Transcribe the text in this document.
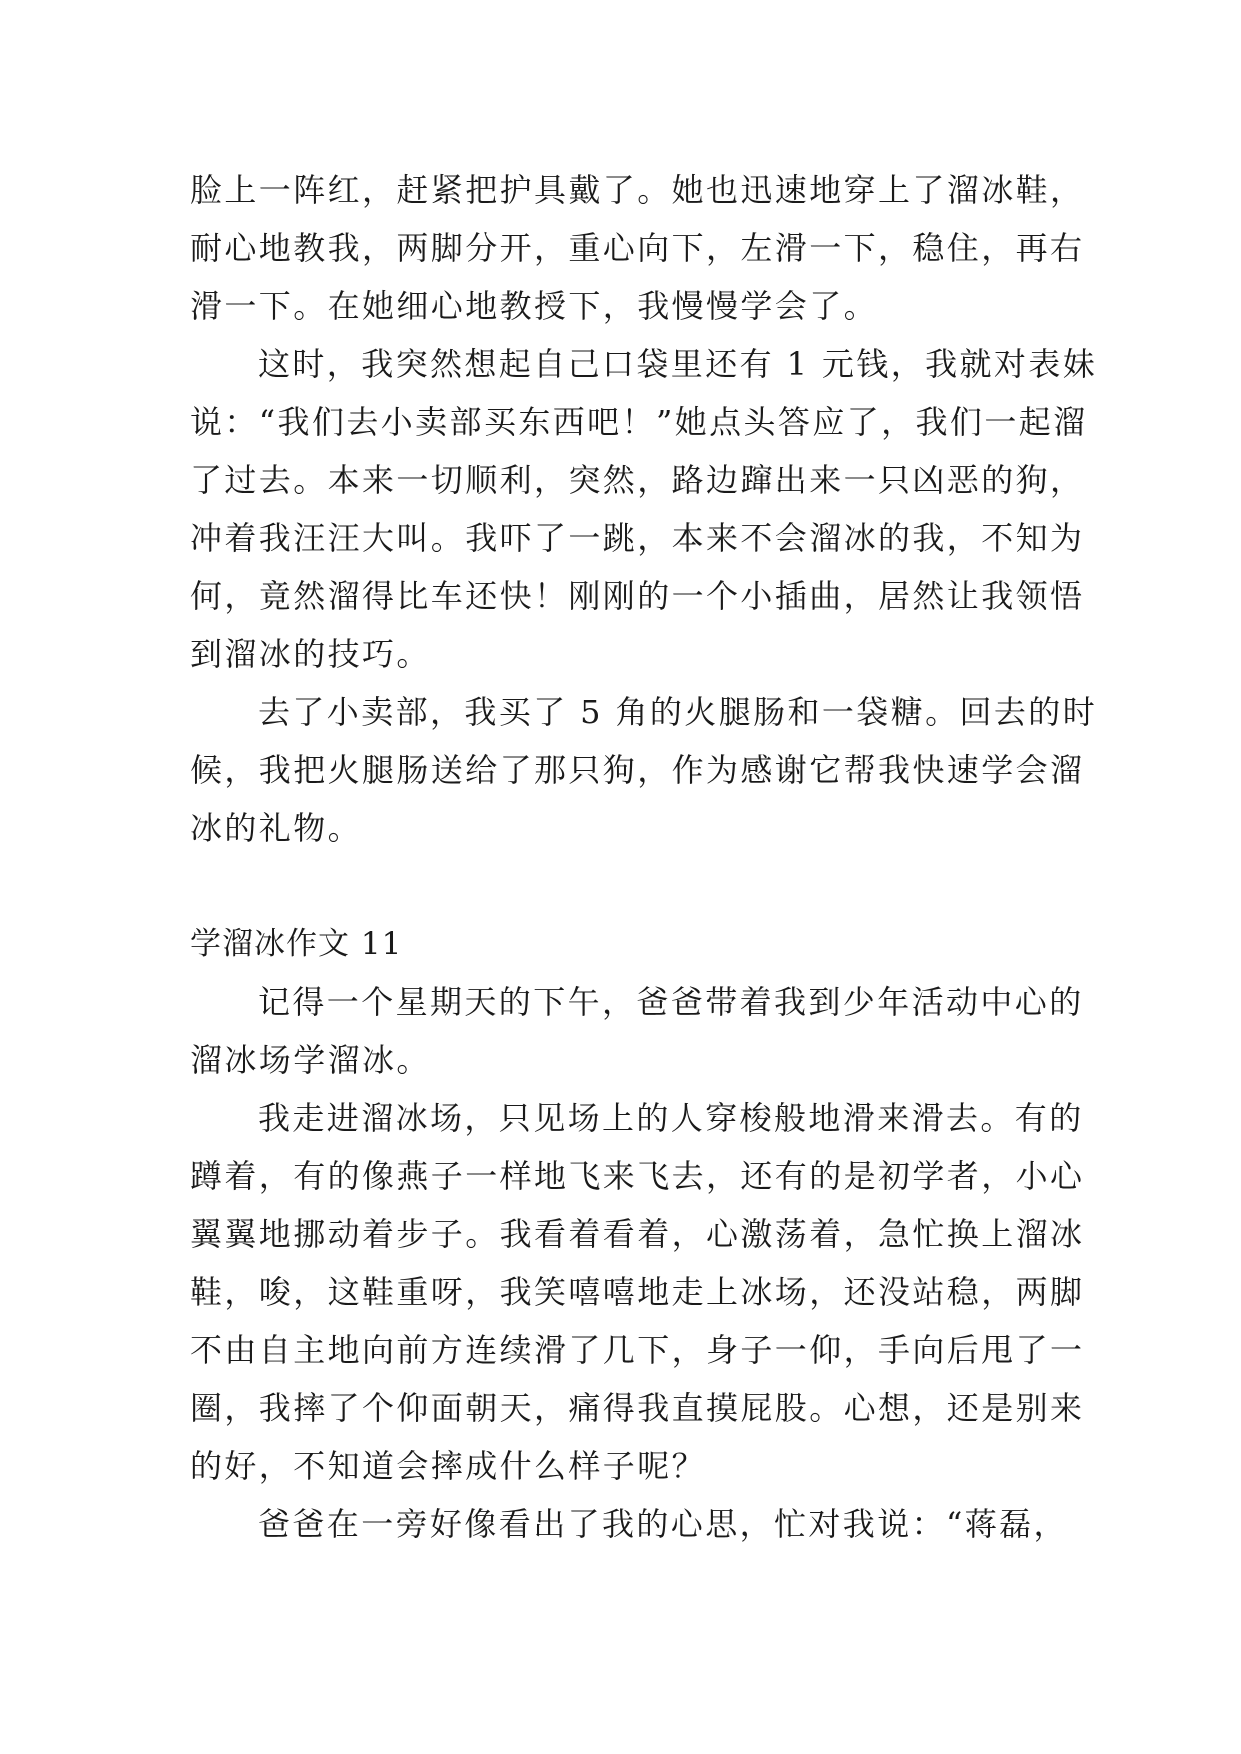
脸上一阵红，赶紧把护具戴了。她也迅速地穿上了溜冰鞋，
耐心地教我，两脚分开，重心向下，左滑一下，稳住，再右
滑一下。在她细心地教授下，我慢慢学会了。
这时，我突然想起自己口袋里还有 1 元钱，我就对表妹
说：“我们去小卖部买东西吧！”她点头答应了，我们一起溜
了过去。本来一切顺利，突然，路边蹿出来一只凶恶的狗，
冲着我汪汪大叫。我吓了一跳，本来不会溜冰的我，不知为
何，竟然溜得比车还快！刚刚的一个小插曲，居然让我领悟
到溜冰的技巧。
去了小卖部，我买了 5 角的火腿肠和一袋糖。回去的时
候，我把火腿肠送给了那只狗，作为感谢它帮我快速学会溜
冰的礼物。
学溜冰作文 11
记得一个星期天的下午，爸爸带着我到少年活动中心的
溜冰场学溜冰。
我走进溜冰场，只见场上的人穿梭般地滑来滑去。有的
蹲着，有的像燕子一样地飞来飞去，还有的是初学者，小心
翼翼地挪动着步子。我看着看着，心激荡着，急忙换上溜冰
鞋，唆，这鞋重呀，我笑嘻嘻地走上冰场，还没站稳，两脚
不由自主地向前方连续滑了几下，身子一仰，手向后甩了一
圈，我摔了个仰面朝天，痛得我直摸屁股。心想，还是别来
的好，不知道会摔成什么样子呢？
爸爸在一旁好像看出了我的心思，忙对我说：“蒋磊，
